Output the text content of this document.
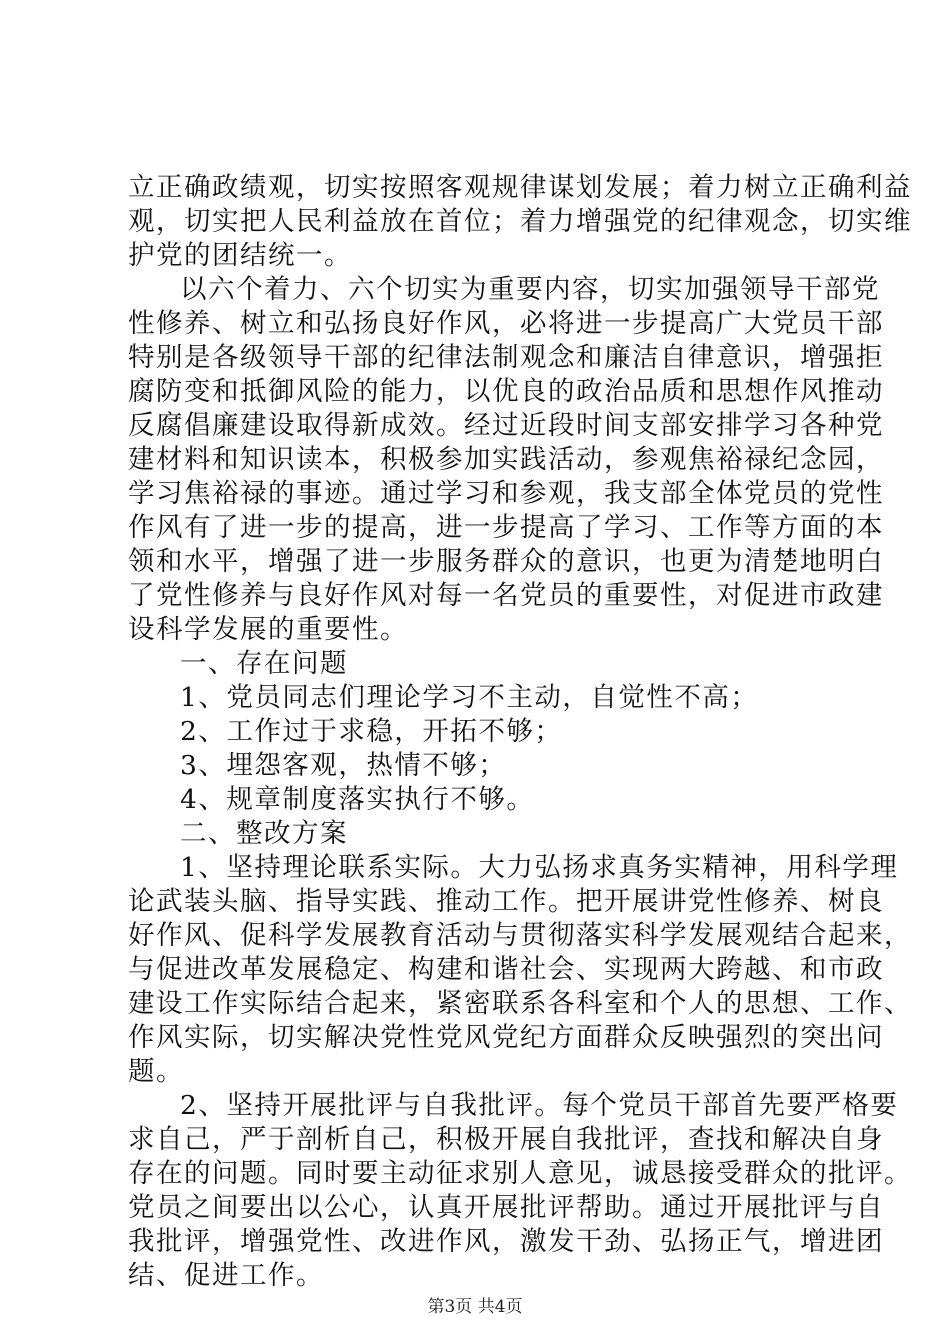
立正确政绩观，切实按照客观规律谋划发展；着力树立正确利益
观，切实把人民利益放在首位；着力增强党的纪律观念，切实维
护党的团结统一。
以六个着力、六个切实为重要内容，切实加强领导干部党
性修养、树立和弘扬良好作风，必将进一步提高广大党员干部
特别是各级领导干部的纪律法制观念和廉洁自律意识，增强拒
腐防变和抵御风险的能力，以优良的政治品质和思想作风推动
反腐倡廉建设取得新成效。经过近段时间支部安排学习各种党
建材料和知识读本，积极参加实践活动，参观焦裕禄纪念园，
学习焦裕禄的事迹。通过学习和参观，我支部全体党员的党性
作风有了进一步的提高，进一步提高了学习、工作等方面的本
领和水平，增强了进一步服务群众的意识，也更为清楚地明白
了党性修养与良好作风对每一名党员的重要性，对促进市政建
设科学发展的重要性。
一、存在问题
1、党员同志们理论学习不主动，自觉性不高；
2、工作过于求稳，开拓不够；
3、埋怨客观，热情不够；
4、规章制度落实执行不够。
二、整改方案
1、坚持理论联系实际。大力弘扬求真务实精神，用科学理
论武装头脑、指导实践、推动工作。把开展讲党性修养、树良
好作风、促科学发展教育活动与贯彻落实科学发展观结合起来，
与促进改革发展稳定、构建和谐社会、实现两大跨越、和市政
建设工作实际结合起来，紧密联系各科室和个人的思想、工作、
作风实际，切实解决党性党风党纪方面群众反映强烈的突出问
题。
2、坚持开展批评与自我批评。每个党员干部首先要严格要
求自己，严于剖析自己，积极开展自我批评，查找和解决自身
存在的问题。同时要主动征求别人意见，诚恳接受群众的批评。
党员之间要出以公心，认真开展批评帮助。通过开展批评与自
我批评，增强党性、改进作风，激发干劲、弘扬正气，增进团
结、促进工作。
第3页 共4页
